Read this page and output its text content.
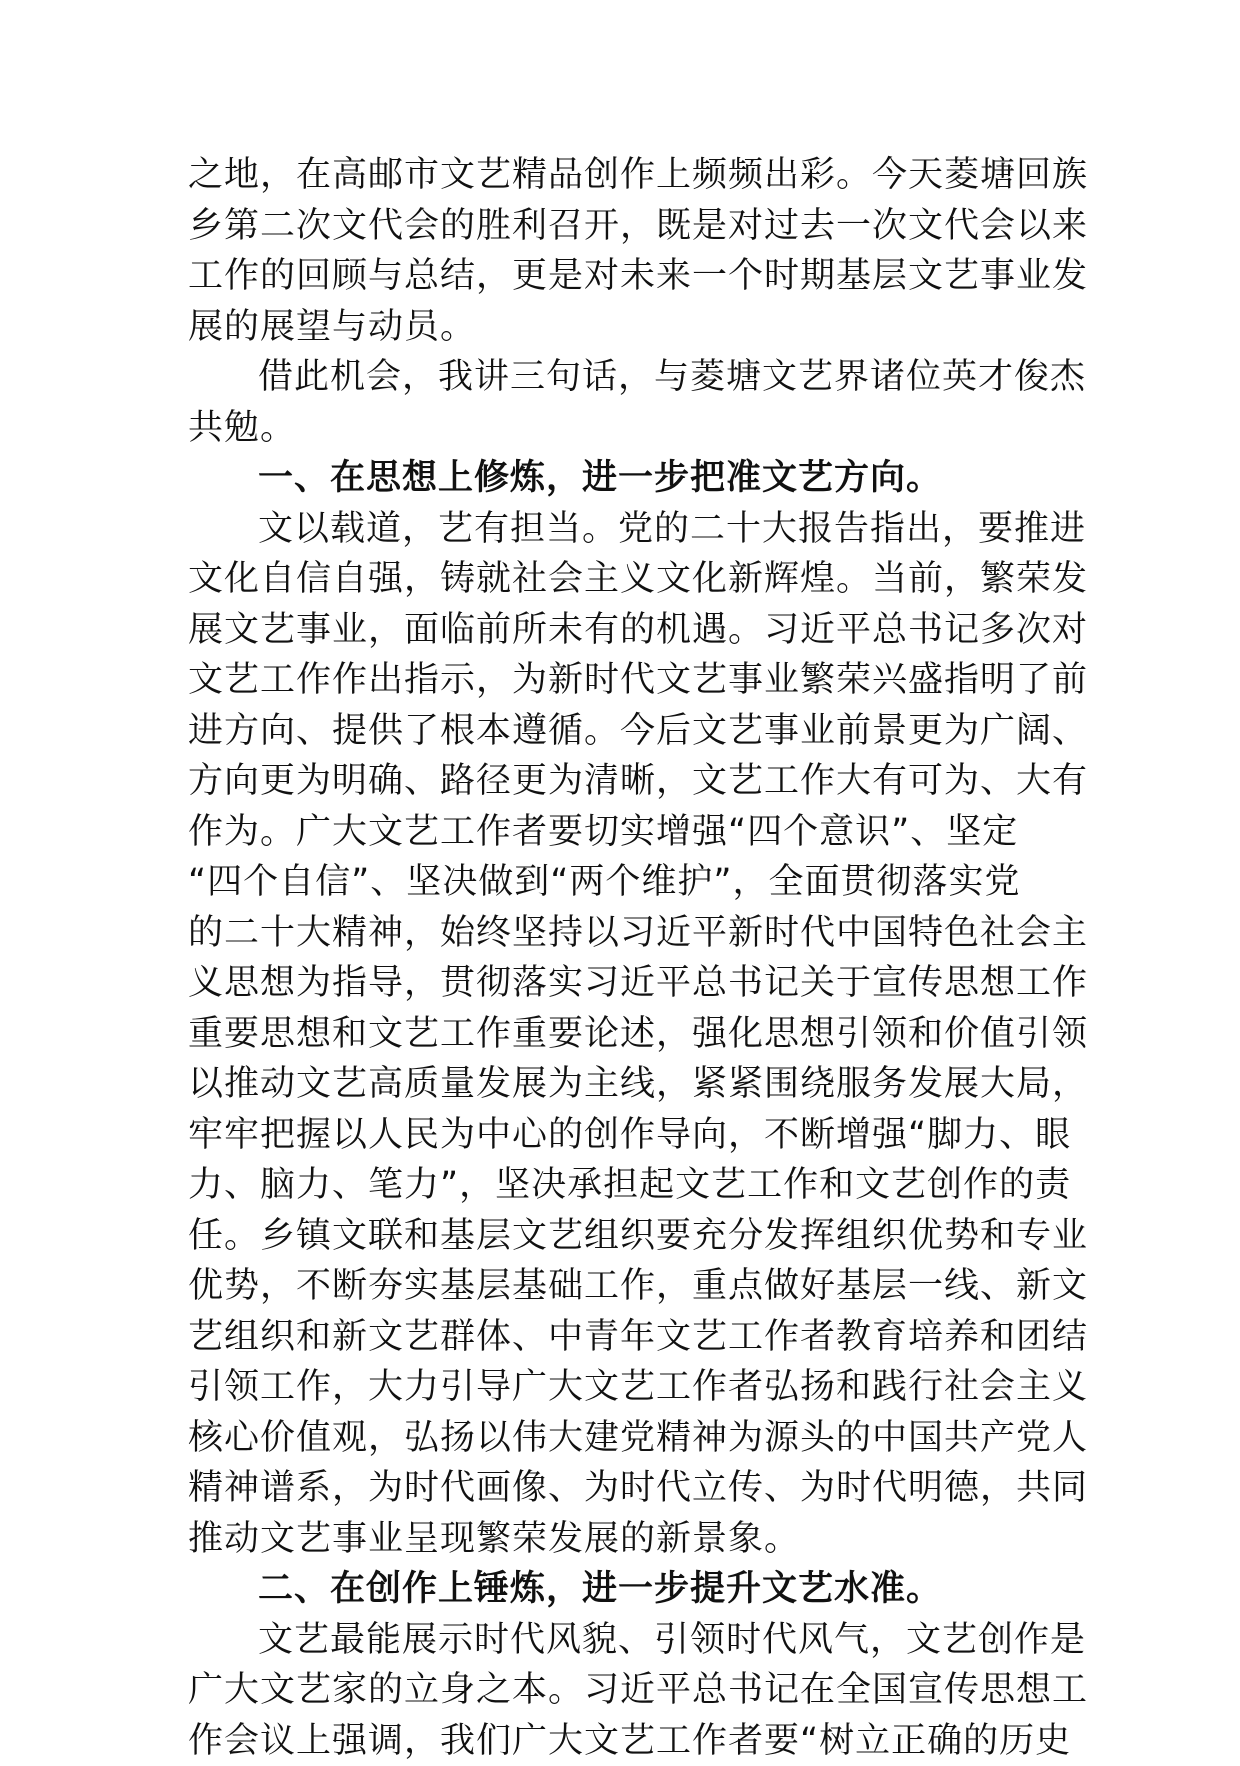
之地，在高邮市文艺精品创作上频频出彩。今天菱塘回族
乡第二次文代会的胜利召开，既是对过去一次文代会以来
工作的回顾与总结，更是对未来一个时期基层文艺事业发
展的展望与动员。
借此机会，我讲三句话，与菱塘文艺界诸位英才俊杰
共勉。
一、在思想上修炼，进一步把准文艺方向。
文以载道，艺有担当。党的二十大报告指出，要推进
文化自信自强，铸就社会主义文化新辉煌。当前，繁荣发
展文艺事业，面临前所未有的机遇。习近平总书记多次对
文艺工作作出指示，为新时代文艺事业繁荣兴盛指明了前
进方向、提供了根本遵循。今后文艺事业前景更为广阔、
方向更为明确、路径更为清晰，文艺工作大有可为、大有
作为。广大文艺工作者要切实增强“四个意识”、坚定
“四个自信”、坚决做到“两个维护”，全面贯彻落实党
的二十大精神，始终坚持以习近平新时代中国特色社会主
义思想为指导，贯彻落实习近平总书记关于宣传思想工作
重要思想和文艺工作重要论述，强化思想引领和价值引领
以推动文艺高质量发展为主线，紧紧围绕服务发展大局，
牢牢把握以人民为中心的创作导向，不断增强“脚力、眼
力、脑力、笔力”，坚决承担起文艺工作和文艺创作的责
任。乡镇文联和基层文艺组织要充分发挥组织优势和专业
优势，不断夯实基层基础工作，重点做好基层一线、新文
艺组织和新文艺群体、中青年文艺工作者教育培养和团结
引领工作，大力引导广大文艺工作者弘扬和践行社会主义
核心价值观，弘扬以伟大建党精神为源头的中国共产党人
精神谱系，为时代画像、为时代立传、为时代明德，共同
推动文艺事业呈现繁荣发展的新景象。
二、在创作上锤炼，进一步提升文艺水准。
文艺最能展示时代风貌、引领时代风气，文艺创作是
广大文艺家的立身之本。习近平总书记在全国宣传思想工
作会议上强调，我们广大文艺工作者要“树立正确的历史
